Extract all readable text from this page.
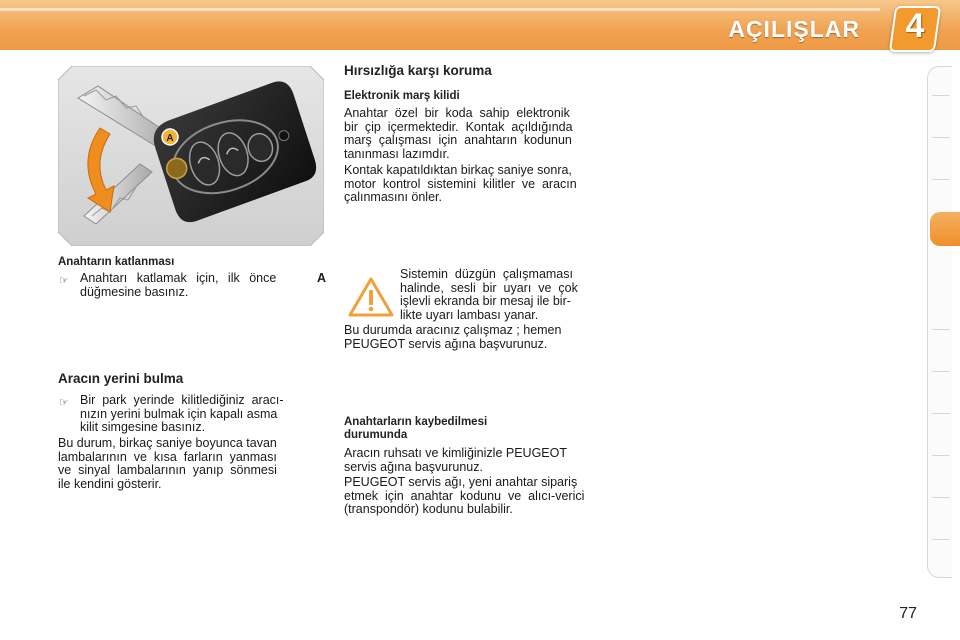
AÇILIŞLAR	4
A
Anahtarın katlanması
☞ Anahtarı katlamak için, ilk önce	A
düğmesine basınız.
Aracın yerini bulma
☞ Bir  park  yerinde  kilitlediğiniz  aracı-
nızın yerini bulmak için kapalı asma
kilit simgesine basınız.
Bu durum, birkaç saniye boyunca tavan
lambalarının  ve  kısa  farların  yanması
ve  sinyal  lambalarının  yanıp  sönmesi
ile kendini gösterir.
Hırsızlığa karşı koruma
Elektronik marş kilidi
Anahtar  özel  bir  koda  sahip  elektronik
bir  çip  içermektedir.  Kontak  açıldığında
marş  çalışması  için  anahtarın  kodunun
tanınması lazımdır.
Kontak kapatıldıktan birkaç saniye sonra,
motor  kontrol  sistemini  kilitler  ve  aracın
çalınmasını önler.
Sistemin  düzgün  çalışmaması
halinde,  sesli  bir  uyarı  ve  çok
işlevli ekranda bir mesaj ile bir-
likte uyarı lambası yanar.
Bu durumda aracınız çalışmaz ; hemen
PEUGEOT servis ağına başvurunuz.
Anahtarların kaybedilmesi
durumunda
Aracın ruhsatı ve kimliğinizle PEUGEOT
servis ağına başvurunuz.
PEUGEOT servis ağı, yeni anahtar sipariş
etmek  için  anahtar  kodunu  ve  alıcı-verici
(transpondör) kodunu bulabilir.
77
